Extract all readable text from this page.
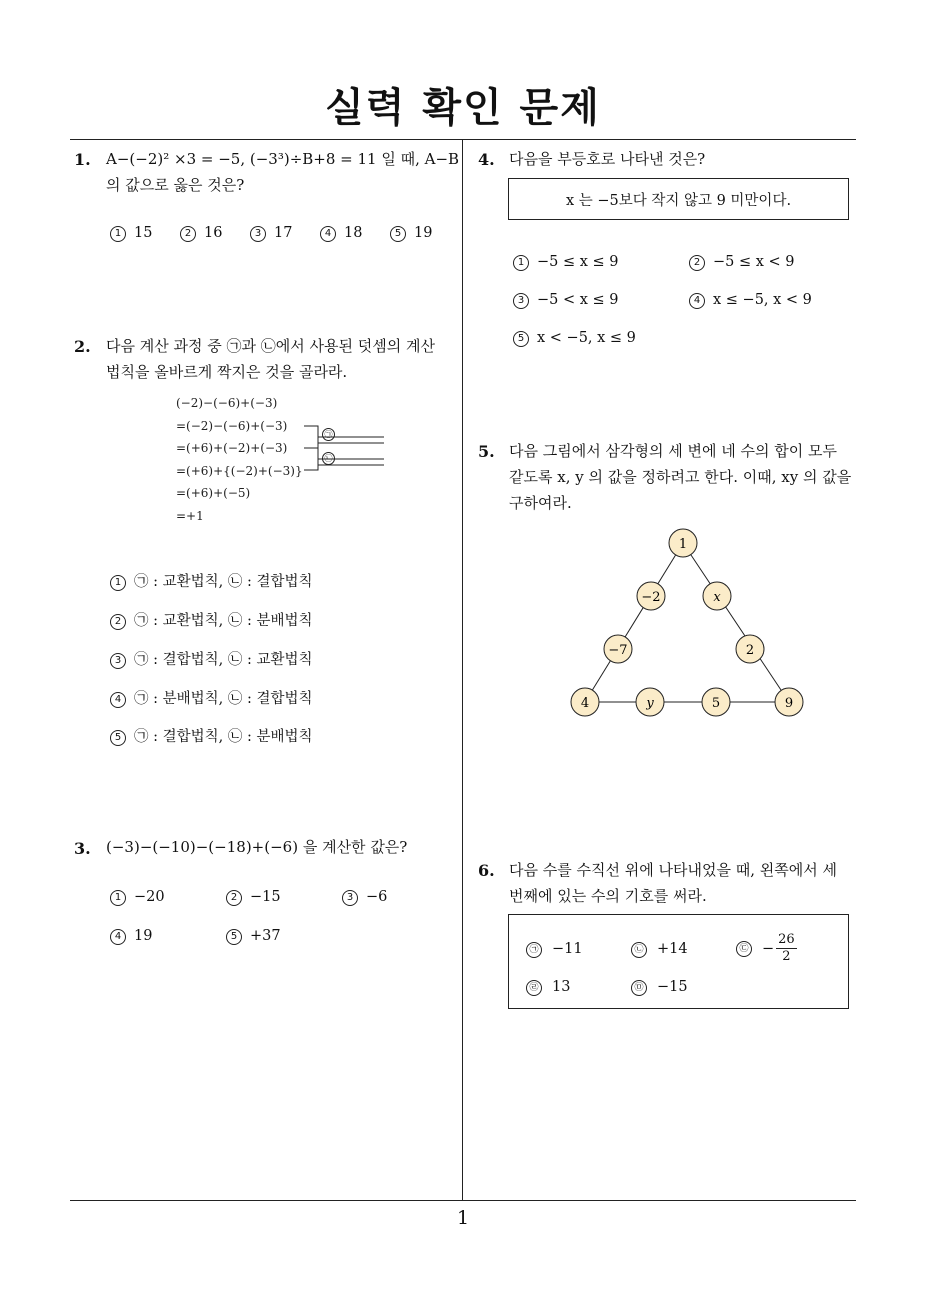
실력 확인 문제
1
1. A−(−2)² ×3 = −5, (−3³)÷B+8 = 11 일 때, A−B
의 값으로 옳은 것은?
1 15	2 16	3 17	4 18	5 19
2. 다음 계산 과정 중 ㉠과 ㉡에서 사용된 덧셈의 계산
법칙을 올바르게 짝지은 것을 골라라.
(−2)−(−6)+(−3)
=(−2)−(−6)+(−3)
=(+6)+(−2)+(−3)
=(+6)+{(−2)+(−3)}
=(+6)+(−5)
=+1
㉠
㉡
1 ㉠ : 교환법칙, ㉡ : 결합법칙
2 ㉠ : 교환법칙, ㉡ : 분배법칙
3 ㉠ : 결합법칙, ㉡ : 교환법칙
4 ㉠ : 분배법칙, ㉡ : 결합법칙
5 ㉠ : 결합법칙, ㉡ : 분배법칙
3. (−3)−(−10)−(−18)+(−6) 을 계산한 값은?
1 −20	2 −15	3 −6
4 19	5 +37
4. 다음을 부등호로 나타낸 것은?
x 는 −5보다 작지 않고 9 미만이다.
1 −5 ≤ x ≤ 9	2 −5 ≤ x < 9
3 −5 < x ≤ 9	4 x ≤ −5, x < 9
5 x < −5, x ≤ 9
5. 다음 그림에서 삼각형의 세 변에 네 수의 합이 모두
같도록 x, y 의 값을 정하려고 한다. 이때, xy 의 값을
구하여라.
1
−2	x
−7	2
4	y	5	9
6. 다음 수를 수직선 위에 나타내었을 때, 왼쪽에서 세
번째에 있는 수의 기호를 써라.
㉠ −11	㉡ +14	㉢ − $\frac{26}{2}$
㉣ 13	㉤ −15
